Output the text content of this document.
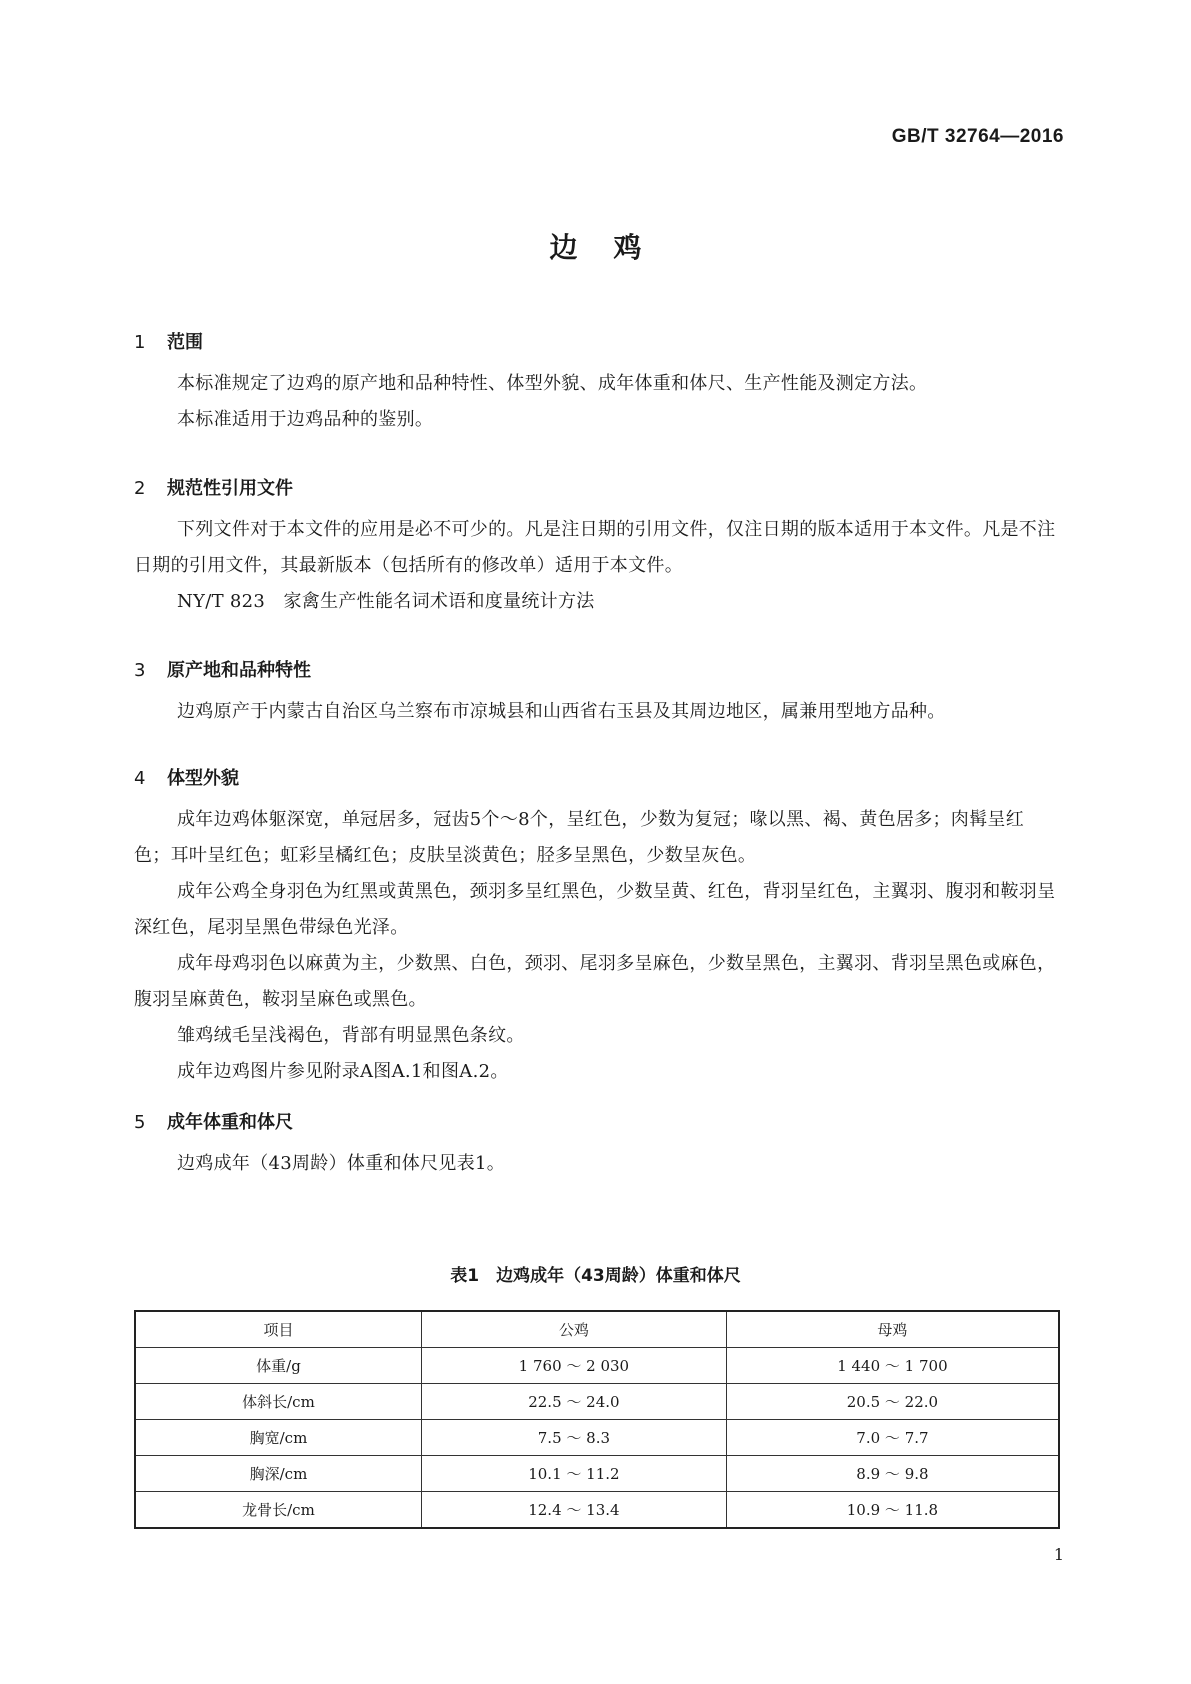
GB/T 32764—2016
边鸡
1 范围
本标准规定了边鸡的原产地和品种特性、体型外貌、成年体重和体尺、生产性能及测定方法。
本标准适用于边鸡品种的鉴别。
2 规范性引用文件
下列文件对于本文件的应用是必不可少的。凡是注日期的引用文件，仅注日期的版本适用于本文件。凡是不注日期的引用文件，其最新版本（包括所有的修改单）适用于本文件。
NY/T 823　家禽生产性能名词术语和度量统计方法
3 原产地和品种特性
边鸡原产于内蒙古自治区乌兰察布市凉城县和山西省右玉县及其周边地区，属兼用型地方品种。
4 体型外貌
成年边鸡体躯深宽，单冠居多，冠齿5个～8个，呈红色，少数为复冠；喙以黑、褐、黄色居多；肉髯呈红色；耳叶呈红色；虹彩呈橘红色；皮肤呈淡黄色；胫多呈黑色，少数呈灰色。
成年公鸡全身羽色为红黑或黄黑色，颈羽多呈红黑色，少数呈黄、红色，背羽呈红色，主翼羽、腹羽和鞍羽呈深红色，尾羽呈黑色带绿色光泽。
成年母鸡羽色以麻黄为主，少数黑、白色，颈羽、尾羽多呈麻色，少数呈黑色，主翼羽、背羽呈黑色或麻色，腹羽呈麻黄色，鞍羽呈麻色或黑色。
雏鸡绒毛呈浅褐色，背部有明显黑色条纹。
成年边鸡图片参见附录A图A.1和图A.2。
5 成年体重和体尺
边鸡成年（43周龄）体重和体尺见表1。
表1　边鸡成年（43周龄）体重和体尺
项目	公鸡	母鸡
体重/g	1 760 ～ 2 030	1 440 ～ 1 700
体斜长/cm	22.5 ～ 24.0	20.5 ～ 22.0
胸宽/cm	7.5 ～ 8.3	7.0 ～ 7.7
胸深/cm	10.1 ～ 11.2	8.9 ～ 9.8
龙骨长/cm	12.4 ～ 13.4	10.9 ～ 11.8
1
